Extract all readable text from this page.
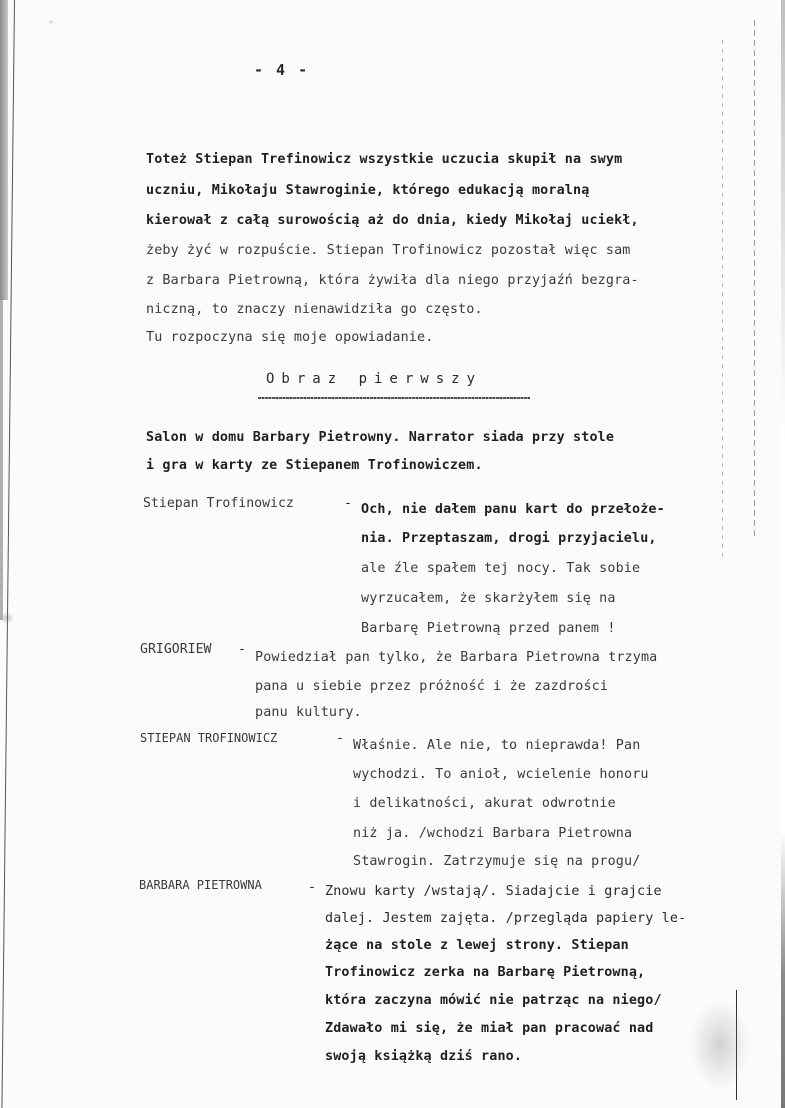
- 4 -
Toteż Stiepan Trefinowicz wszystkie uczucia skupił na swym
uczniu, Mikołaju Stawroginie, którego edukacją moralną
kierował z całą surowością aż do dnia, kiedy Mikołaj uciekł,
żeby żyć w rozpuście. Stiepan Trofinowicz pozostał więc sam
z Barbara Pietrowną, która żywiła dla niego przyjaźń bezgra-
niczną, to znaczy nienawidziła go często.
Tu rozpoczyna się moje opowiadanie.
Obraz pierwszy
Salon w domu Barbary Pietrowny. Narrator siada przy stole
i gra w karty ze Stiepanem Trofinowiczem.
Stiepan Trofinowicz	- Och, nie dałem panu kart do przełoże-
nia. Przeptaszam, drogi przyjacielu,
ale źle spałem tej nocy. Tak sobie
wyrzucałem, że skarżyłem się na
Barbarę Pietrowną przed panem !
GRIGORIEW -
Powiedział pan tylko, że Barbara Pietrowna trzyma
pana u siebie przez próżność i że zazdrości
panu kultury.
STIEPAN TROFINOWICZ	- Właśnie. Ale nie, to nieprawda! Pan
wychodzi. To anioł, wcielenie honoru
i delikatności, akurat odwrotnie
niż ja. /wchodzi Barbara Pietrowna
Stawrogin. Zatrzymuje się na progu/
BARBARA PIETROWNA	- Znowu karty /wstają/. Siadajcie i grajcie
dalej. Jestem zajęta. /przegląda papiery le-
żące na stole z lewej strony. Stiepan
Trofinowicz zerka na Barbarę Pietrowną,
która zaczyna mówić nie patrząc na niego/
Zdawało mi się, że miał pan pracować nad
swoją książką dziś rano.
